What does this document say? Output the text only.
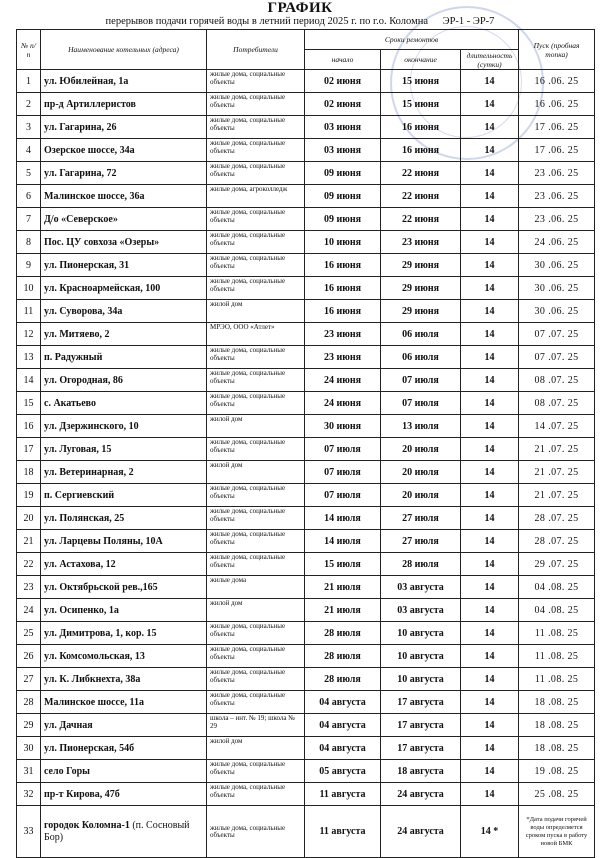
ГРАФИК
перерывов подачи горячей воды в летний период 2025 г. по г.о. Коломна ЭР-1 - ЭР-7
№ п/п	Наименование котельных (адреса)	Потребители	Сроки ремонтов			Пуск (пробная топка)
			начало	окончание	длительность (сутки)	
1	ул. Юбилейная, 1а	жилые дома, социальные объекты	02 июня	15 июня	14	16 .06. 25
2	пр-д Артиллеристов	жилые дома, социальные объекты	02 июня	15 июня	14	16 .06. 25
3	ул. Гагарина, 26	жилые дома, социальные объекты	03 июня	16 июня	14	17 .06. 25
4	Озерское шоссе, 34а	жилые дома, социальные объекты	03 июня	16 июня	14	17 .06. 25
5	ул. Гагарина, 72	жилые дома, социальные объекты	09 июня	22 июня	14	23 .06. 25
6	Малинское шоссе, 36а	жилые дома, агроколледж	09 июня	22 июня	14	23 .06. 25
7	Д/о «Северское»	жилые дома, социальные объекты	09 июня	22 июня	14	23 .06. 25
8	Пос. ЦУ совхоза «Озеры»	жилые дома, социальные объекты	10 июня	23 июня	14	24 .06. 25
9	ул. Пионерская, 31	жилые дома, социальные объекты	16 июня	29 июня	14	30 .06. 25
10	ул. Красноармейская, 100	жилые дома, социальные объекты	16 июня	29 июня	14	30 .06. 25
11	ул. Суворова, 34а	жилой дом	16 июня	29 июня	14	30 .06. 25
12	ул. Митяево, 2	МРЭО, ООО «Атлет»	23 июня	06 июля	14	07 .07. 25
13	п. Радужный	жилые дома, социальные объекты	23 июня	06 июля	14	07 .07. 25
14	ул. Огородная, 86	жилые дома, социальные объекты	24 июня	07 июля	14	08 .07. 25
15	с. Акатьево	жилые дома, социальные объекты	24 июня	07 июля	14	08 .07. 25
16	ул. Дзержинского, 10	жилой дом	30 июня	13 июля	14	14 .07. 25
17	ул. Луговая, 15	жилые дома, социальные объекты	07 июля	20 июля	14	21 .07. 25
18	ул. Ветеринарная, 2	жилой дом	07 июля	20 июля	14	21 .07. 25
19	п. Сергиевский	жилые дома, социальные объекты	07 июля	20 июля	14	21 .07. 25
20	ул. Полянская, 25	жилые дома, социальные объекты	14 июля	27 июля	14	28 .07. 25
21	ул. Ларцевы Поляны, 10А	жилые дома, социальные объекты	14 июля	27 июля	14	28 .07. 25
22	ул. Астахова, 12	жилые дома, социальные объекты	15 июля	28 июля	14	29 .07. 25
23	ул. Октябрьской рев.,165	жилые дома	21 июля	03 августа	14	04 .08. 25
24	ул. Осипенко, 1а	жилой дом	21 июля	03 августа	14	04 .08. 25
25	ул. Димитрова, 1, кор. 15	жилые дома, социальные объекты	28 июля	10 августа	14	11 .08. 25
26	ул. Комсомольская, 13	жилые дома, социальные объекты	28 июля	10 августа	14	11 .08. 25
27	ул. К. Либкнехта, 38а	жилые дома, социальные объекты	28 июля	10 августа	14	11 .08. 25
28	Малинское шоссе, 11а	жилые дома, социальные объекты	04 августа	17 августа	14	18 .08. 25
29	ул. Дачная	школа – инт. № 19; школа № 29	04 августа	17 августа	14	18 .08. 25
30	ул. Пионерская, 54б	жилой дом	04 августа	17 августа	14	18 .08. 25
31	село Горы	жилые дома, социальные объекты	05 августа	18 августа	14	19 .08. 25
32	пр-т Кирова, 47б	жилые дома, социальные объекты	11 августа	24 августа	14	25 .08. 25
33	городок Коломна-1 (п. Сосновый Бор)	жилые дома, социальные объекты	11 августа	24 августа	14 *	*Дата подачи горячей воды определяется сроком пуска в работу новой БМК
